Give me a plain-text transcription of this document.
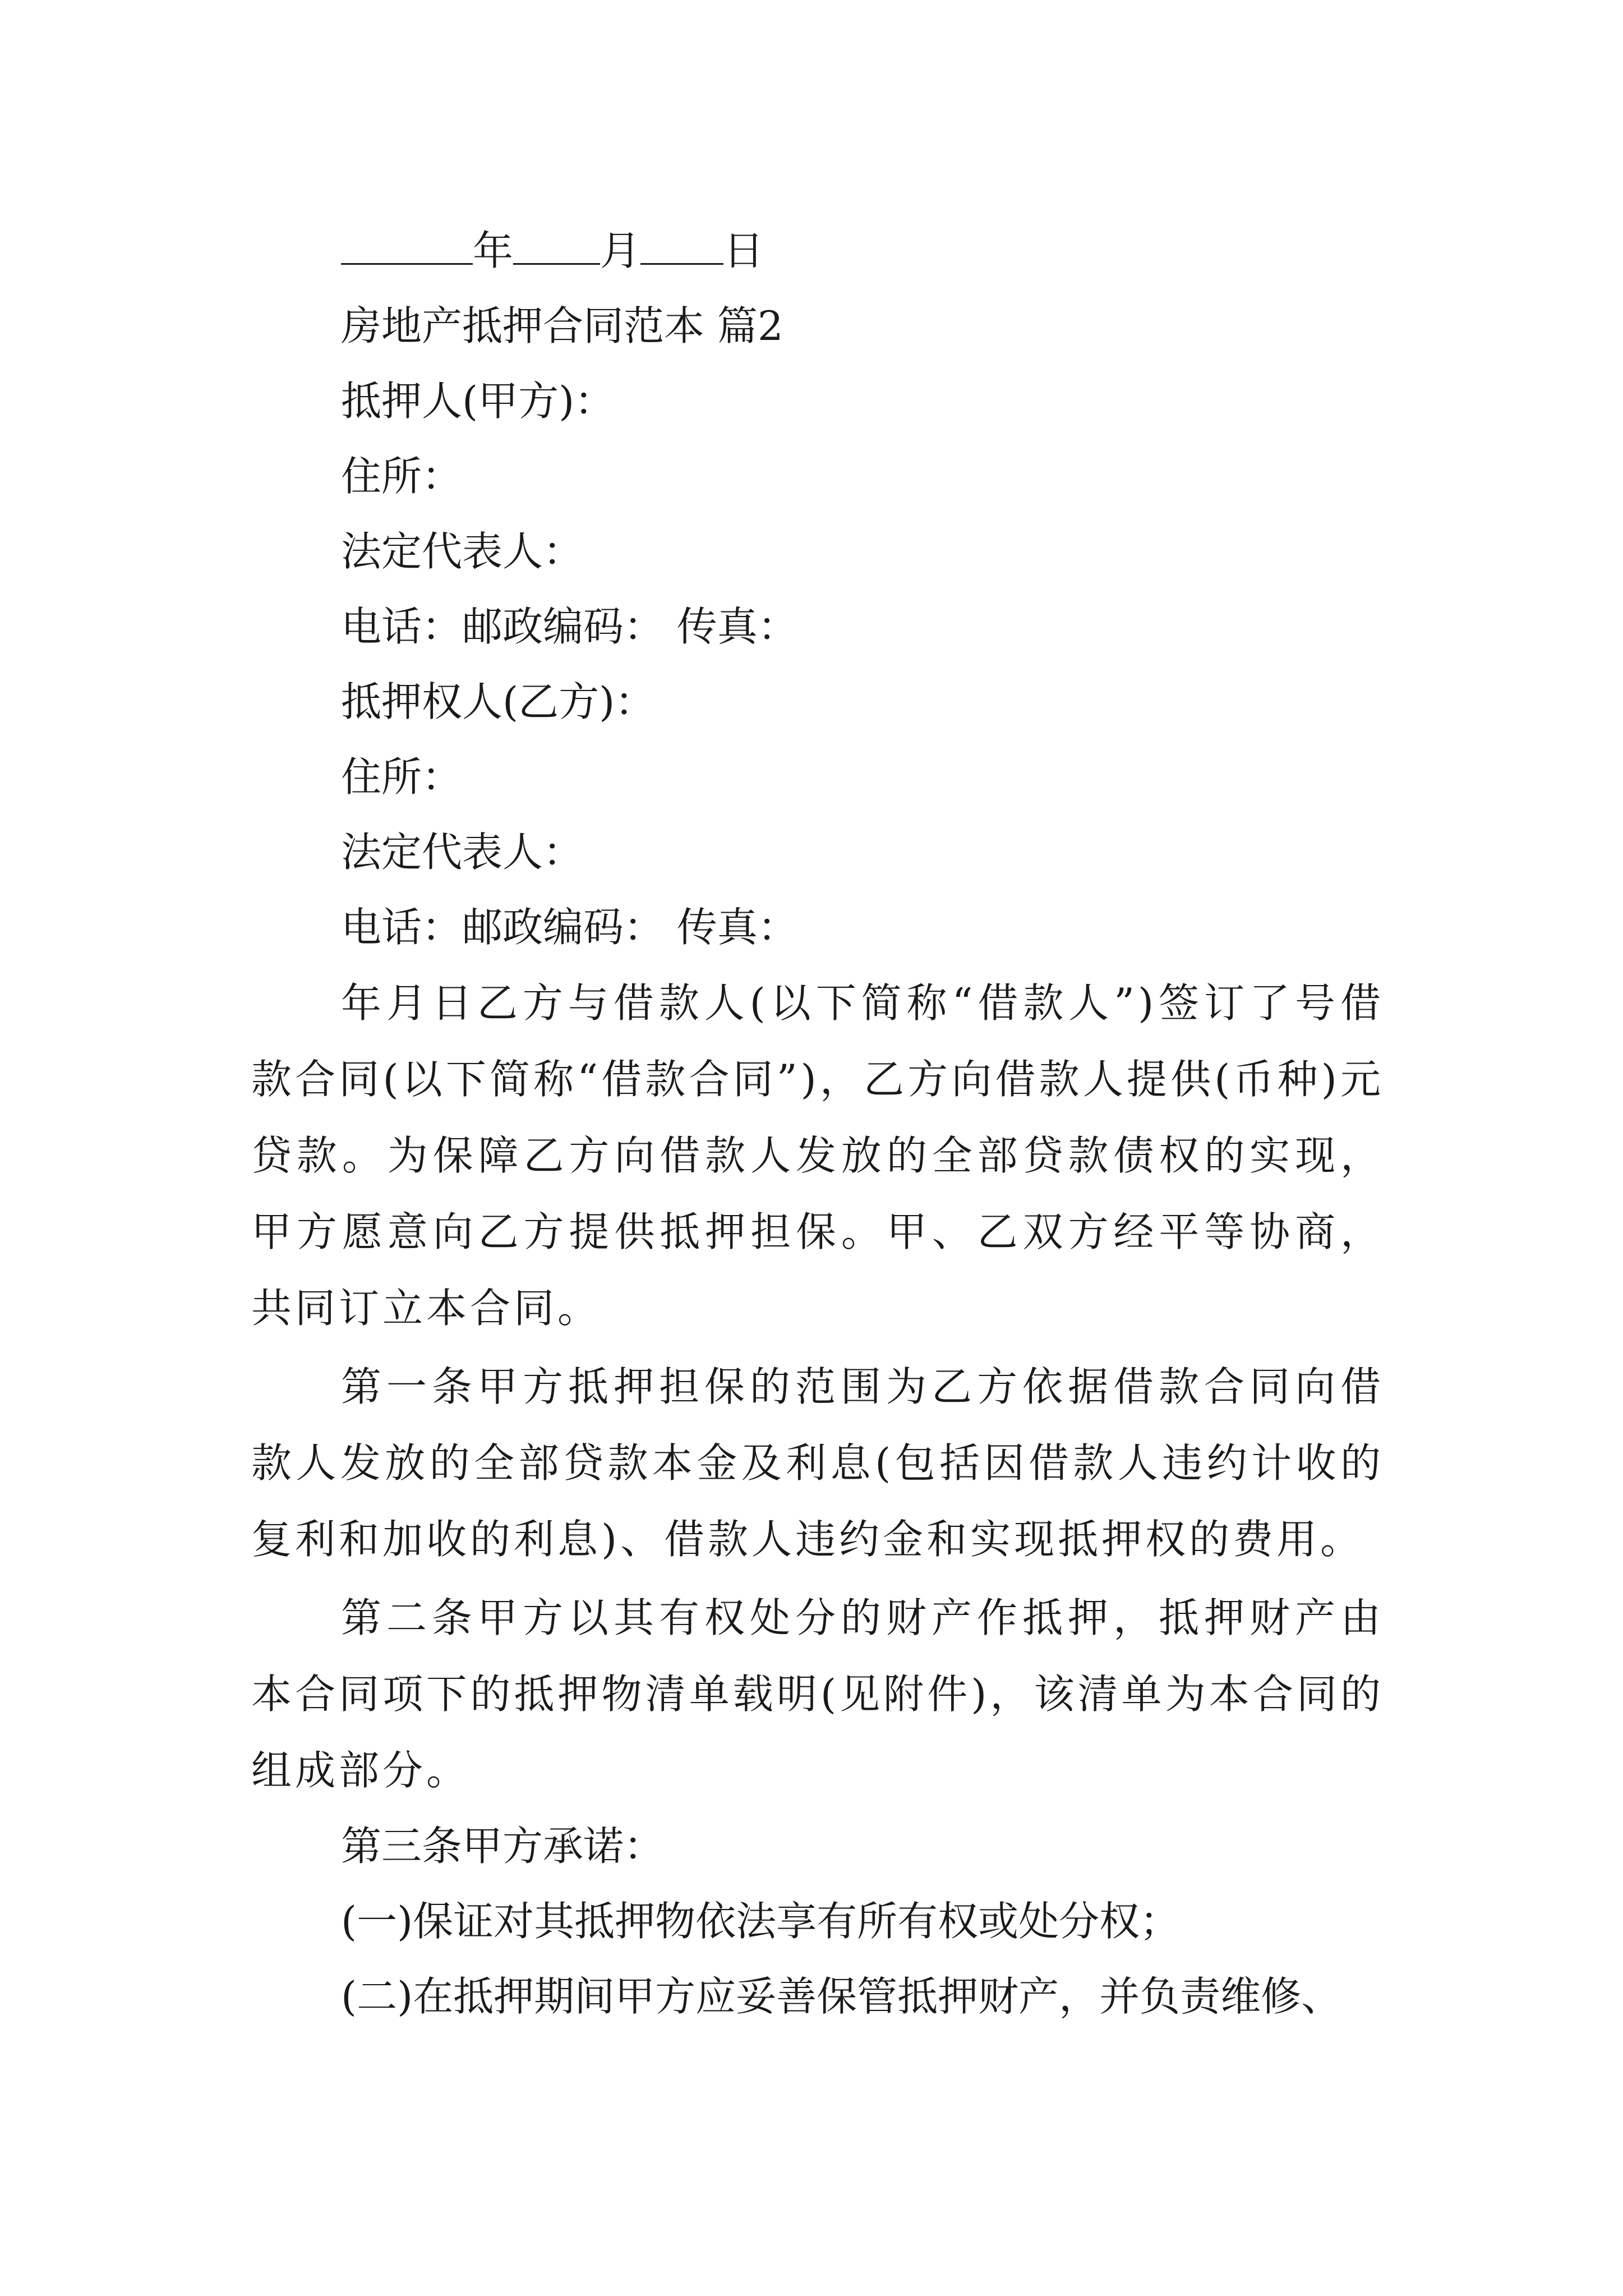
年 月 日

房地产抵押合同范本 篇2

抵押人(甲方)：

住所：

法定代表人：

电话：邮政编码： 传真：

抵押权人(乙方)：

住所：

法定代表人：

电话：邮政编码： 传真：

年月日乙方与借款人(以下简称“借款人”)签订了号借款合同(以下简称“借款合同”)，乙方向借款人提供(币种)元贷款。为保障乙方向借款人发放的全部贷款债权的实现，甲方愿意向乙方提供抵押担保。甲、乙双方经平等协商，共同订立本合同。

第一条甲方抵押担保的范围为乙方依据借款合同向借款人发放的全部贷款本金及利息(包括因借款人违约计收的复利和加收的利息)、借款人违约金和实现抵押权的费用。

第二条甲方以其有权处分的财产作抵押，抵押财产由本合同项下的抵押物清单载明(见附件)，该清单为本合同的组成部分。

第三条甲方承诺：

(一)保证对其抵押物依法享有所有权或处分权；

(二)在抵押期间甲方应妥善保管抵押财产，并负责维修、
